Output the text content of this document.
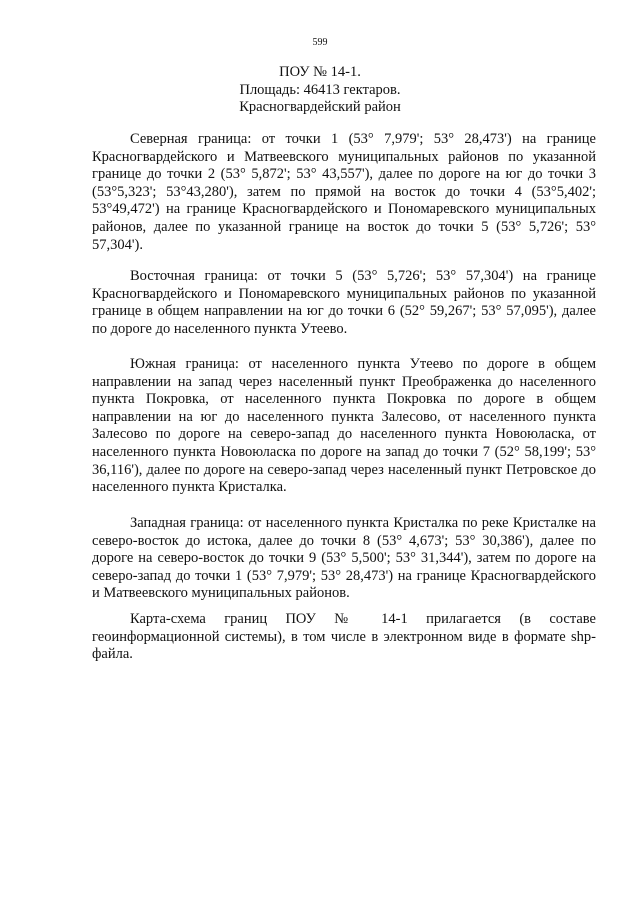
599
ПОУ № 14-1.
Площадь: 46413 гектаров.
Красногвардейский район

Северная граница: от точки 1 (53° 7,979'; 53° 28,473') на границе Красногвардейского и Матвеевского муниципальных районов по указанной границе до точки 2 (53° 5,872'; 53° 43,557'), далее по дороге на юг до точки 3 (53°5,323'; 53°43,280'), затем по прямой на восток до точки 4 (53°5,402'; 53°49,472') на границе Красногвардейского и Пономаревского муниципальных районов, далее по указанной границе на восток до точки 5 (53° 5,726'; 53° 57,304').

Восточная граница: от точки 5 (53° 5,726'; 53° 57,304') на границе Красногвардейского и Пономаревского муниципальных районов по указанной границе в общем направлении на юг до точки 6 (52° 59,267'; 53° 57,095'), далее по дороге до населенного пункта Утеево.

Южная граница: от населенного пункта Утеево по дороге в общем направлении на запад через населенный пункт Преображенка до населенного пункта Покровка, от населенного пункта Покровка по дороге в общем направлении на юг до населенного пункта Залесово, от населенного пункта Залесово по дороге на северо-запад до населенного пункта Новоюласка, от населенного пункта Новоюласка по дороге на запад до точки 7 (52° 58,199'; 53° 36,116'), далее по дороге на северо-запад через населенный пункт Петровское до населенного пункта Кристалка.

Западная граница: от населенного пункта Кристалка по реке Кристалке на северо-восток до истока, далее до точки 8 (53° 4,673'; 53° 30,386'), далее по дороге на северо-восток до точки 9 (53° 5,500'; 53° 31,344'), затем по дороге на северо-запад до точки 1 (53° 7,979'; 53° 28,473') на границе Красногвардейского и Матвеевского муниципальных районов.

Карта-схема границ ПОУ № 14-1 прилагается (в составе геоинформационной системы), в том числе в электронном виде в формате shp-файла.
